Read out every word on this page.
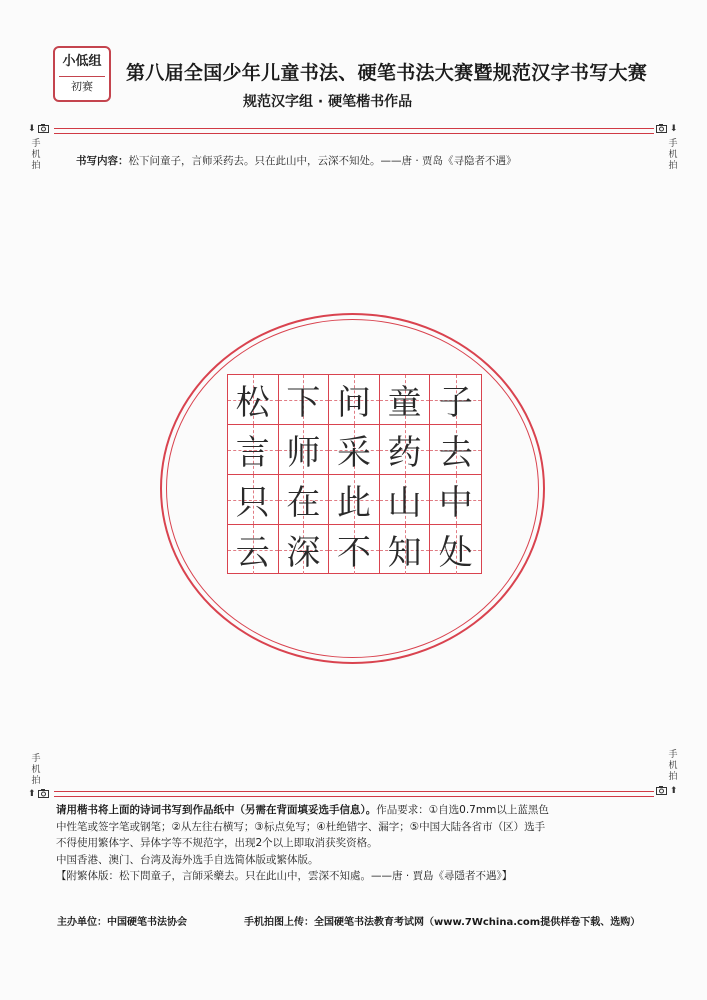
小低组
初赛
第八届全国少年儿童书法、硬笔书法大赛暨规范汉字书写大赛
规范汉字组 · 硬笔楷书作品
⬇	⬇
手
机
拍
手
机
拍
书写内容：松下问童子，言师采药去。只在此山中，云深不知处。——唐 · 贾岛《寻隐者不遇》
松 下 问 童 子
言 师 采 药 去
只 在 此 山 中
云 深 不 知 处
手
机
拍
手
机
拍
⬆	⬆
请用楷书将上面的诗词书写到作品纸中（另需在背面填妥选手信息）。作品要求：①自选0.7mm以上蓝黑色
中性笔或签字笔或钢笔；②从左往右横写；③标点免写；④杜绝错字、漏字；⑤中国大陆各省市（区）选手
不得使用繁体字、异体字等不规范字，出现2个以上即取消获奖资格。
中国香港、澳门、台湾及海外选手自选简体版或繁体版。
【附繁体版：松下問童子，言師采藥去。只在此山中，雲深不知處。——唐 · 賈島《尋隱者不遇》】
主办单位：中国硬笔书法协会	手机拍图上传：全国硬笔书法教育考试网（www.7Wchina.com提供样卷下载、选购）
